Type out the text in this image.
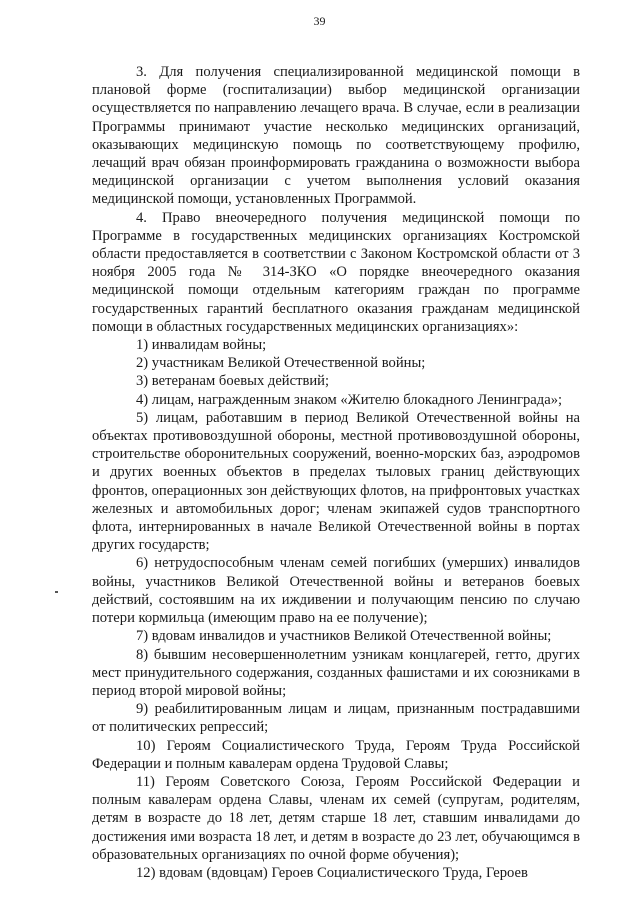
39

3. Для получения специализированной медицинской помощи в плановой форме (госпитализации) выбор медицинской организации осуществляется по направлению лечащего врача. В случае, если в реализации Программы принимают участие несколько медицинских организаций, оказывающих медицинскую помощь по соответствующему профилю, лечащий врач обязан проинформировать гражданина о возможности выбора медицинской организации с учетом выполнения условий оказания медицинской помощи, установленных Программой.

4. Право внеочередного получения медицинской помощи по Программе в государственных медицинских организациях Костромской области предоставляется в соответствии с Законом Костромской области от 3 ноября 2005 года № 314-ЗКО «О порядке внеочередного оказания медицинской помощи отдельным категориям граждан по программе государственных гарантий бесплатного оказания гражданам медицинской помощи в областных государственных медицинских организациях»:

1) инвалидам войны;

2) участникам Великой Отечественной войны;

3) ветеранам боевых действий;

4) лицам, награжденным знаком «Жителю блокадного Ленинграда»;

5) лицам, работавшим в период Великой Отечественной войны на объектах противовоздушной обороны, местной противовоздушной обороны, строительстве оборонительных сооружений, военно-морских баз, аэродромов и других военных объектов в пределах тыловых границ действующих фронтов, операционных зон действующих флотов, на прифронтовых участках железных и автомобильных дорог; членам экипажей судов транспортного флота, интернированных в начале Великой Отечественной войны в портах других государств;

6) нетрудоспособным членам семей погибших (умерших) инвалидов войны, участников Великой Отечественной войны и ветеранов боевых действий, состоявшим на их иждивении и получающим пенсию по случаю потери кормильца (имеющим право на ее получение);

7) вдовам инвалидов и участников Великой Отечественной войны;

8) бывшим несовершеннолетним узникам концлагерей, гетто, других мест принудительного содержания, созданных фашистами и их союзниками в период второй мировой войны;

9) реабилитированным лицам и лицам, признанным пострадавшими от политических репрессий;

10) Героям Социалистического Труда, Героям Труда Российской Федерации и полным кавалерам ордена Трудовой Славы;

11) Героям Советского Союза, Героям Российской Федерации и полным кавалерам ордена Славы, членам их семей (супругам, родителям, детям в возрасте до 18 лет, детям старше 18 лет, ставшим инвалидами до достижения ими возраста 18 лет, и детям в возрасте до 23 лет, обучающимся в образовательных организациях по очной форме обучения);

12) вдовам (вдовцам) Героев Социалистического Труда, Героев
